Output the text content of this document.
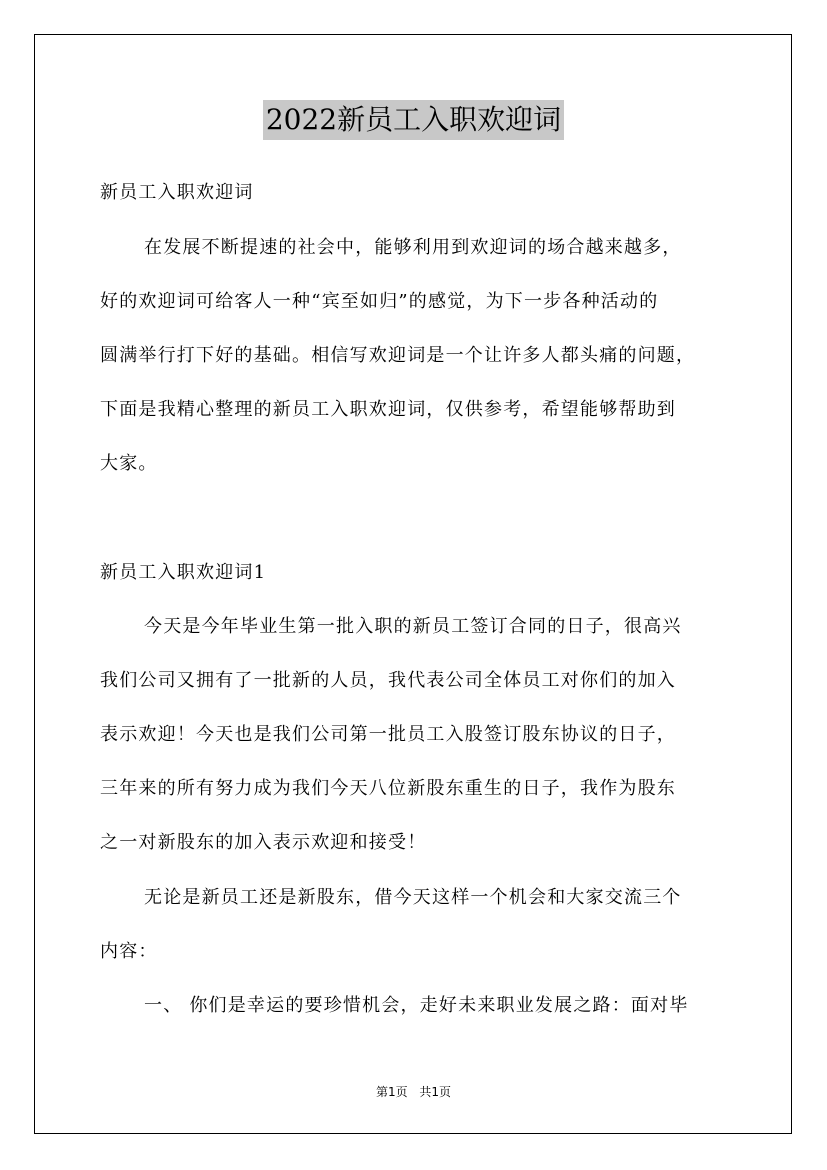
2022新员工入职欢迎词
新员工入职欢迎词
在发展不断提速的社会中，能够利用到欢迎词的场合越来越多，
好的欢迎词可给客人一种“宾至如归”的感觉，为下一步各种活动的
圆满举行打下好的基础。相信写欢迎词是一个让许多人都头痛的问题，
下面是我精心整理的新员工入职欢迎词，仅供参考，希望能够帮助到
大家。
新员工入职欢迎词1
今天是今年毕业生第一批入职的新员工签订合同的日子，很高兴
我们公司又拥有了一批新的人员，我代表公司全体员工对你们的加入
表示欢迎！今天也是我们公司第一批员工入股签订股东协议的日子，
三年来的所有努力成为我们今天八位新股东重生的日子，我作为股东
之一对新股东的加入表示欢迎和接受！
无论是新员工还是新股东，借今天这样一个机会和大家交流三个
内容：
一、 你们是幸运的要珍惜机会，走好未来职业发展之路：面对毕
第1页 共1页
